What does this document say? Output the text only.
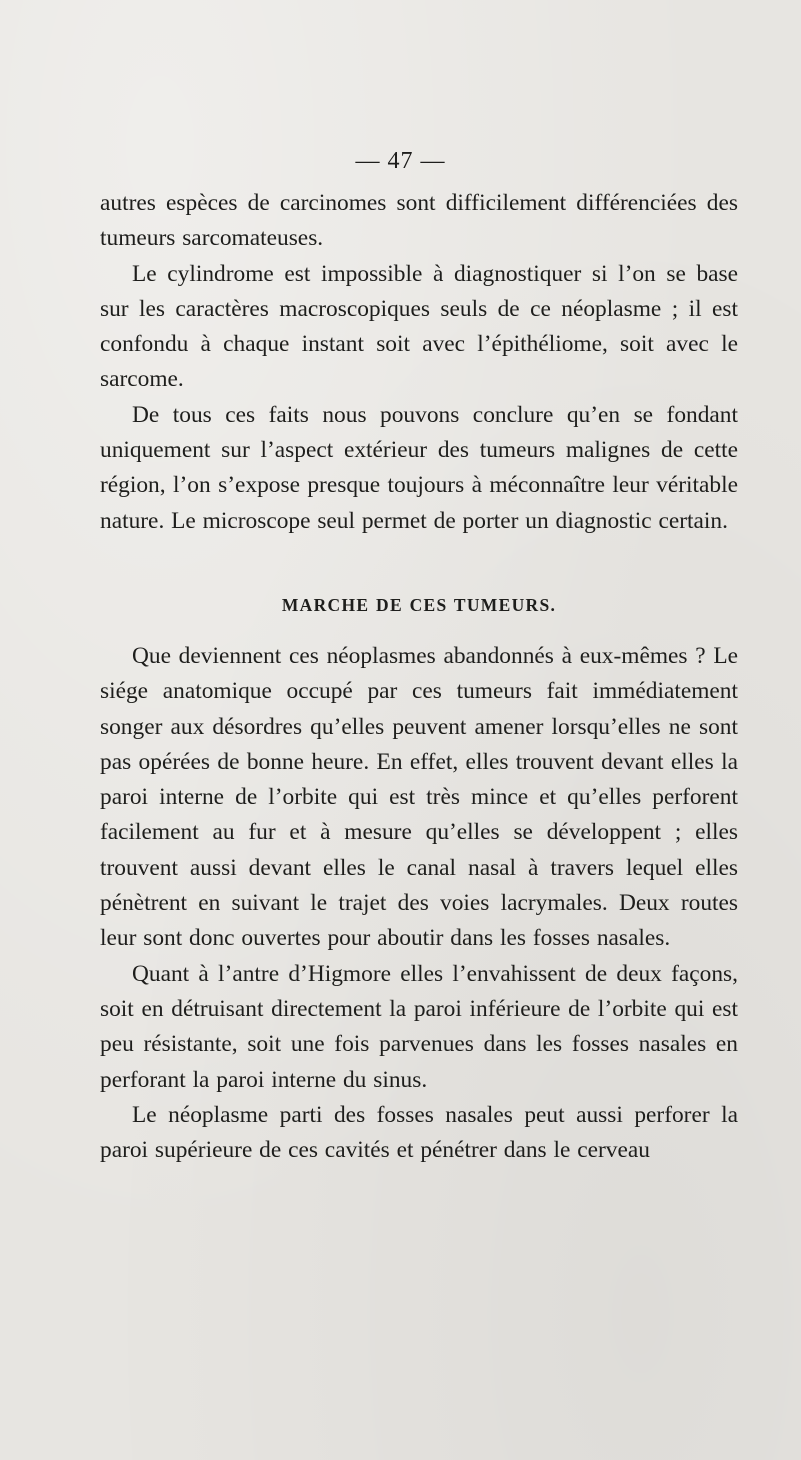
— 47 —

autres espèces de carcinomes sont difficilement différenciées des tumeurs sarcomateuses.

Le cylindrome est impossible à diagnostiquer si l’on se base sur les caractères macroscopiques seuls de ce néoplasme ; il est confondu à chaque instant soit avec l’épithéliome, soit avec le sarcome.

De tous ces faits nous pouvons conclure qu’en se fondant uniquement sur l’aspect extérieur des tumeurs malignes de cette région, l’on s’expose presque toujours à méconnaître leur véritable nature. Le microscope seul permet de porter un diagnostic certain.

MARCHE DE CES TUMEURS.

Que deviennent ces néoplasmes abandonnés à eux-mêmes ? Le siége anatomique occupé par ces tumeurs fait immédiatement songer aux désordres qu’elles peuvent amener lorsqu’elles ne sont pas opérées de bonne heure. En effet, elles trouvent devant elles la paroi interne de l’orbite qui est très mince et qu’elles perforent facilement au fur et à mesure qu’elles se développent ; elles trouvent aussi devant elles le canal nasal à travers lequel elles pénètrent en suivant le trajet des voies lacrymales. Deux routes leur sont donc ouvertes pour aboutir dans les fosses nasales.

Quant à l’antre d’Higmore elles l’envahissent de deux façons, soit en détruisant directement la paroi inférieure de l’orbite qui est peu résistante, soit une fois parvenues dans les fosses nasales en perforant la paroi interne du sinus.

Le néoplasme parti des fosses nasales peut aussi perforer la paroi supérieure de ces cavités et pénétrer dans le cerveau
